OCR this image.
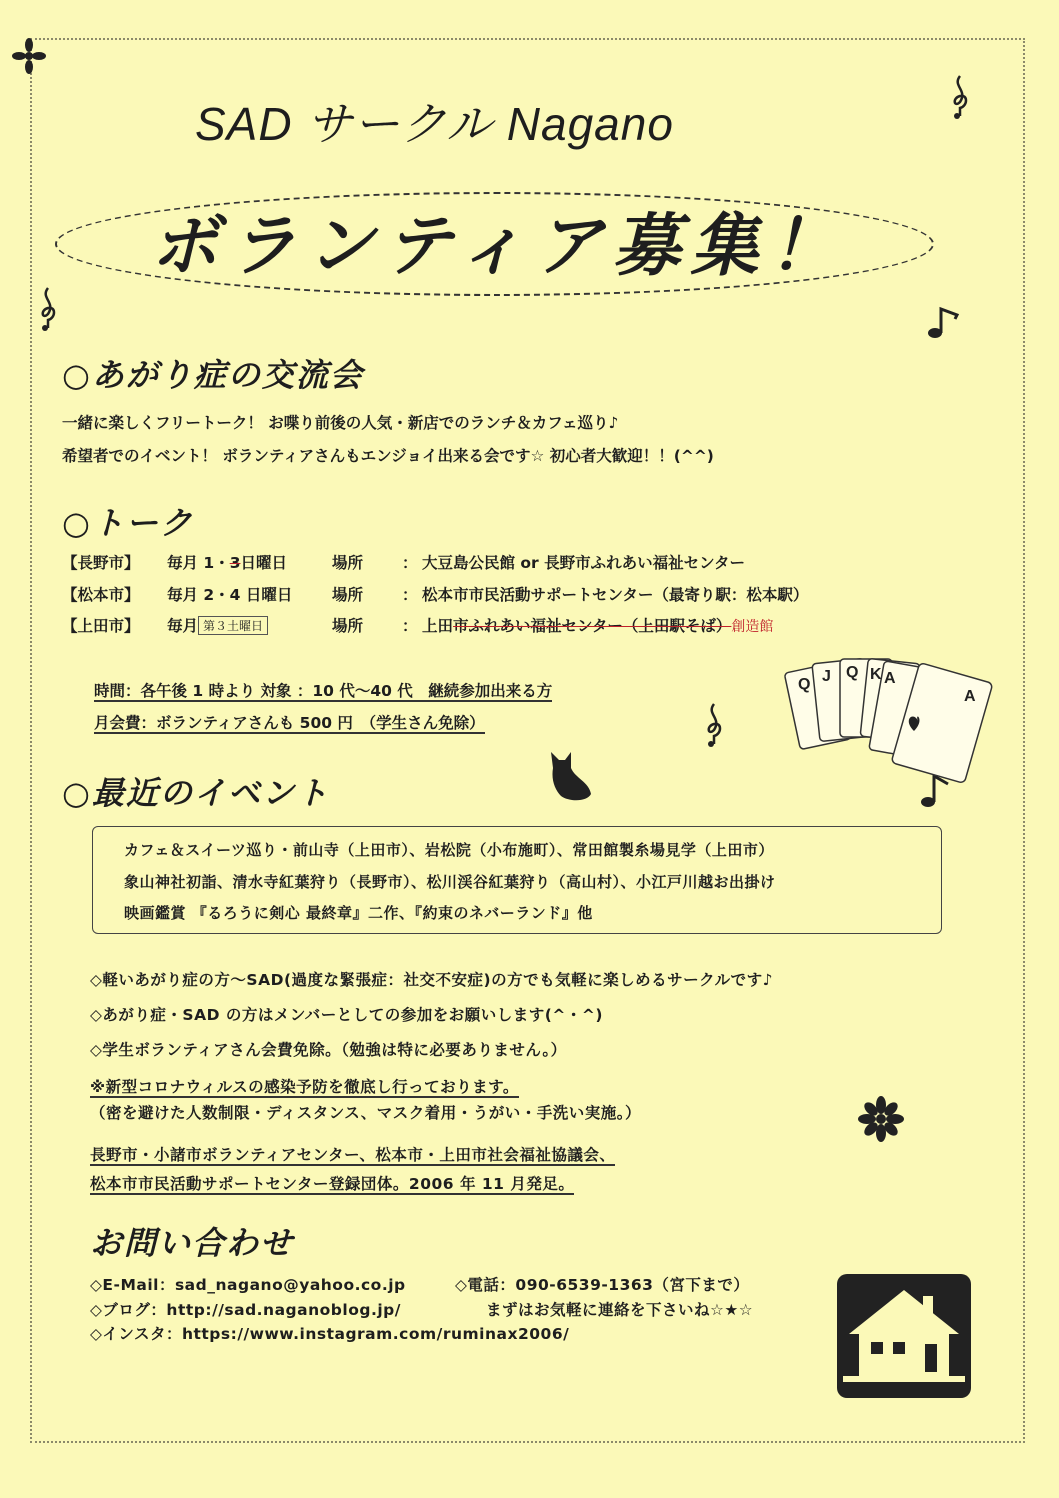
Q J Q K A
A
SAD サークル Nagano
ボランティア募集！
○あがり症の交流会
一緒に楽しくフリートーク！ お喋り前後の人気・新店でのランチ＆カフェ巡り♪
希望者でのイベント！ ボランティアさんもエンジョイ出来る会です☆ 初心者大歓迎！！(^^)
○トーク
【長野市】 毎月 1・3日曜日	場所	： 大豆島公民館 or 長野市ふれあい福祉センター
【松本市】 毎月 2・4 日曜日	場所	： 松本市市民活動サポートセンター（最寄り駅：松本駅）
【上田市】 毎月 第３土曜日	場所	： 上田市ふれあい福祉センター（上田駅そば）創造館
時間：各午後 1 時より 対象 ：10 代～40 代　継続参加出来る方
月会費：ボランティアさんも 500 円　（学生さん免除）
○最近のイベント
カフェ＆スイーツ巡り・前山寺（上田市）、岩松院（小布施町）、常田館製糸場見学（上田市）
象山神社初詣、清水寺紅葉狩り（長野市）、松川渓谷紅葉狩り（高山村）、小江戸川越お出掛け
映画鑑賞 『るろうに剣心 最終章』二作、『約束のネバーランド』他
◇軽いあがり症の方～SAD(過度な緊張症：社交不安症)の方でも気軽に楽しめるサークルです♪
◇あがり症・SAD の方はメンバーとしての参加をお願いします(^・^)
◇学生ボランティアさん会費免除。（勉強は特に必要ありません。）
※新型コロナウィルスの感染予防を徹底し行っております。
（密を避けた人数制限・ディスタンス、マスク着用・うがい・手洗い実施。）
長野市・小諸市ボランティアセンター、松本市・上田市社会福祉協議会、
松本市市民活動サポートセンター登録団体。2006 年 11 月発足。
お問い合わせ
◇E-Mail：sad_nagano@yahoo.co.jp	◇電話：090-6539-1363（宮下まで）
◇ブログ：http://sad.naganoblog.jp/	まずはお気軽に連絡を下さいね☆★☆
◇インスタ：https://www.instagram.com/ruminax2006/
